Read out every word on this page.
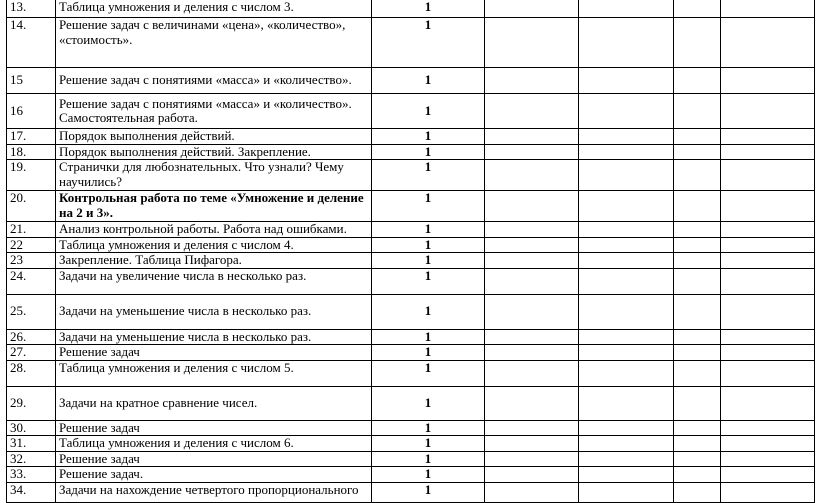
13.	Таблица умножения и деления с числом 3.	1				
14.	Решение задач с величинами «цена», «количество», «стоимость».	1				
15	Решение задач с понятиями «масса» и «количество».	1				
16	Решение задач с понятиями «масса» и «количество». Самостоятельная работа.	1				
17.	Порядок выполнения действий.	1				
18.	Порядок выполнения действий. Закрепление.	1				
19.	Странички для любознательных. Что узнали? Чему научились?	1				
20.	Контрольная работа по теме «Умножение и деление на 2 и 3».	1				
21.	Анализ контрольной работы. Работа над ошибками.	1				
22	Таблица умножения и деления с числом 4.	1				
23	Закрепление. Таблица Пифагора.	1				
24.	Задачи на увеличение числа в несколько раз.	1				
25.	Задачи на уменьшение числа в несколько раз.	1				
26.	Задачи на уменьшение числа в несколько раз.	1				
27.	Решение задач	1				
28.	Таблица умножения и деления с числом 5.	1				
29.	Задачи на кратное сравнение чисел.	1				
30.	Решение задач	1				
31.	Таблица умножения и деления с числом 6.	1				
32.	Решение задач	1				
33.	Решение задач.	1				
34.	Задачи на нахождение четвертого пропорционального	1				
